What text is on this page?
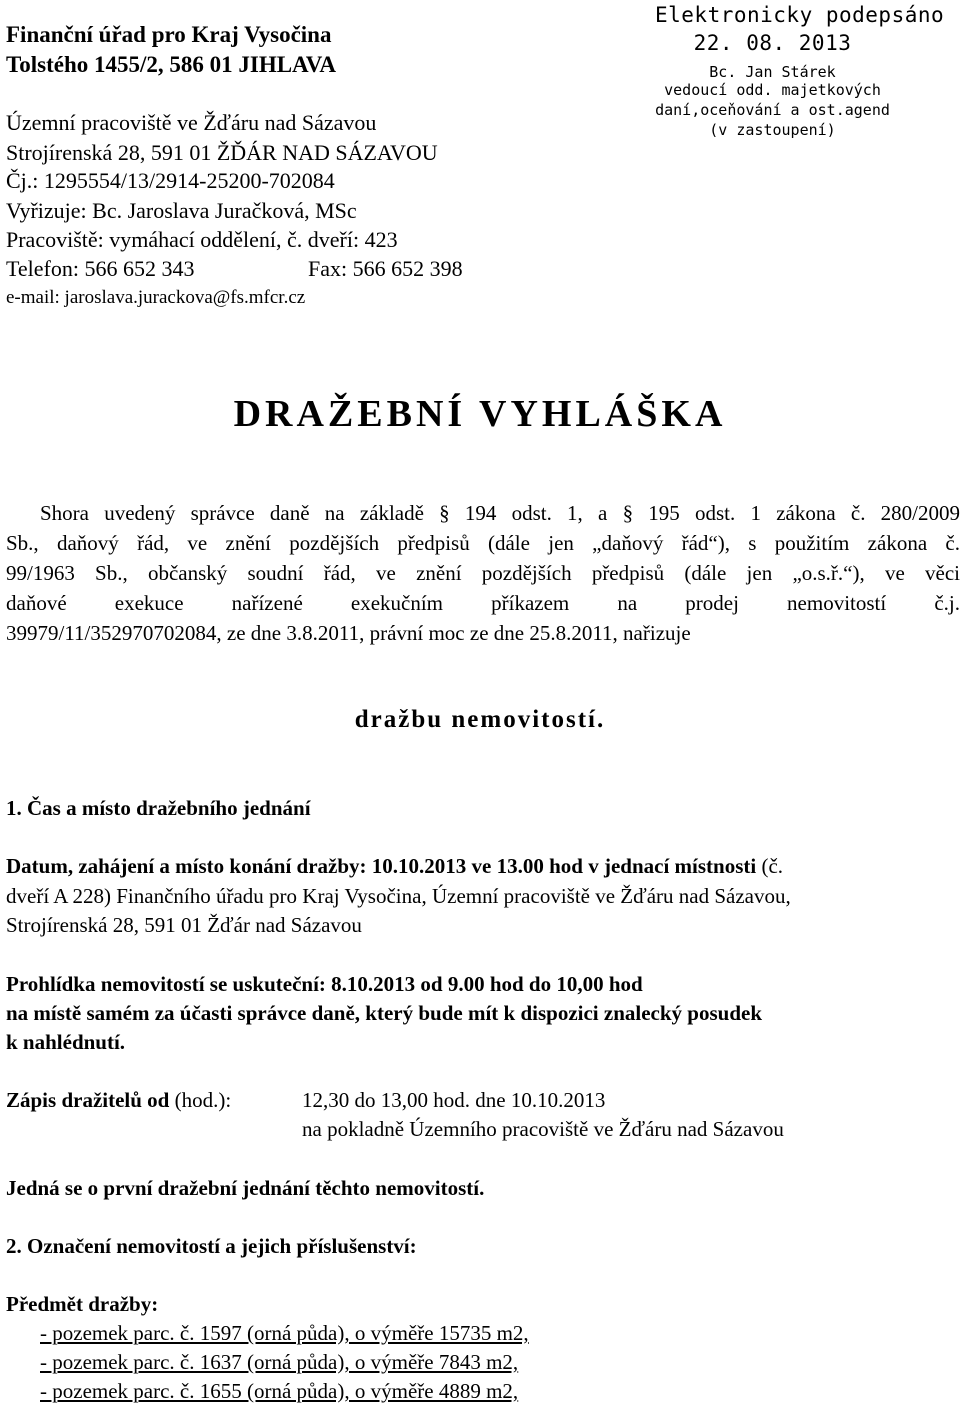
Finanční úřad pro Kraj Vysočina
Tolstého 1455/2, 586 01 JIHLAVA
Územní pracoviště ve Žďáru nad Sázavou
Strojírenská 28, 591 01 ŽĎÁR NAD SÁZAVOU
Čj.: 1295554/13/2914-25200-702084
Vyřizuje: Bc. Jaroslava Juračková, MSc
Pracoviště: vymáhací oddělení, č. dveří: 423
Telefon: 566 652 343	Fax: 566 652 398
e-mail: jaroslava.jurackova@fs.mfcr.cz
Elektronicky podepsáno
22. 08. 2013
Bc. Jan Stárek
vedoucí odd. majetkových
daní,oceňování a ost.agend
(v zastoupení)
DRAŽEBNÍ VYHLÁŠKA
Shora uvedený správce daně na základě § 194 odst. 1, a § 195 odst. 1 zákona č. 280/2009
Sb., daňový řád, ve znění pozdějších předpisů (dále jen „daňový řád“), s použitím zákona č.
99/1963 Sb., občanský soudní řád, ve znění pozdějších předpisů (dále jen „o.s.ř.“), ve věci
daňové exekuce nařízené exekučním příkazem na prodej nemovitostí č.j.
39979/11/352970702084, ze dne 3.8.2011, právní moc ze dne 25.8.2011, nařizuje
dražbu nemovitostí.
1. Čas a místo dražebního jednání
Datum, zahájení a místo konání dražby: 10.10.2013 ve 13.00 hod v jednací místnosti (č.
dveří A 228) Finančního úřadu pro Kraj Vysočina, Územní pracoviště ve Žďáru nad Sázavou,
Strojírenská 28, 591 01 Žďár nad Sázavou
Prohlídka nemovitostí se uskuteční: 8.10.2013 od 9.00 hod do 10,00 hod
na místě samém za účasti správce daně, který bude mít k dispozici znalecký posudek
k nahlédnutí.
Zápis dražitelů od (hod.):	12,30 do 13,00 hod. dne 10.10.2013
na pokladně Územního pracoviště ve Žďáru nad Sázavou
Jedná se o první dražební jednání těchto nemovitostí.
2. Označení nemovitostí a jejich příslušenství:
Předmět dražby:
- pozemek parc. č. 1597 (orná půda), o výměře 15735 m2,
- pozemek parc. č. 1637 (orná půda), o výměře 7843 m2,
- pozemek parc. č. 1655 (orná půda), o výměře 4889 m2,
